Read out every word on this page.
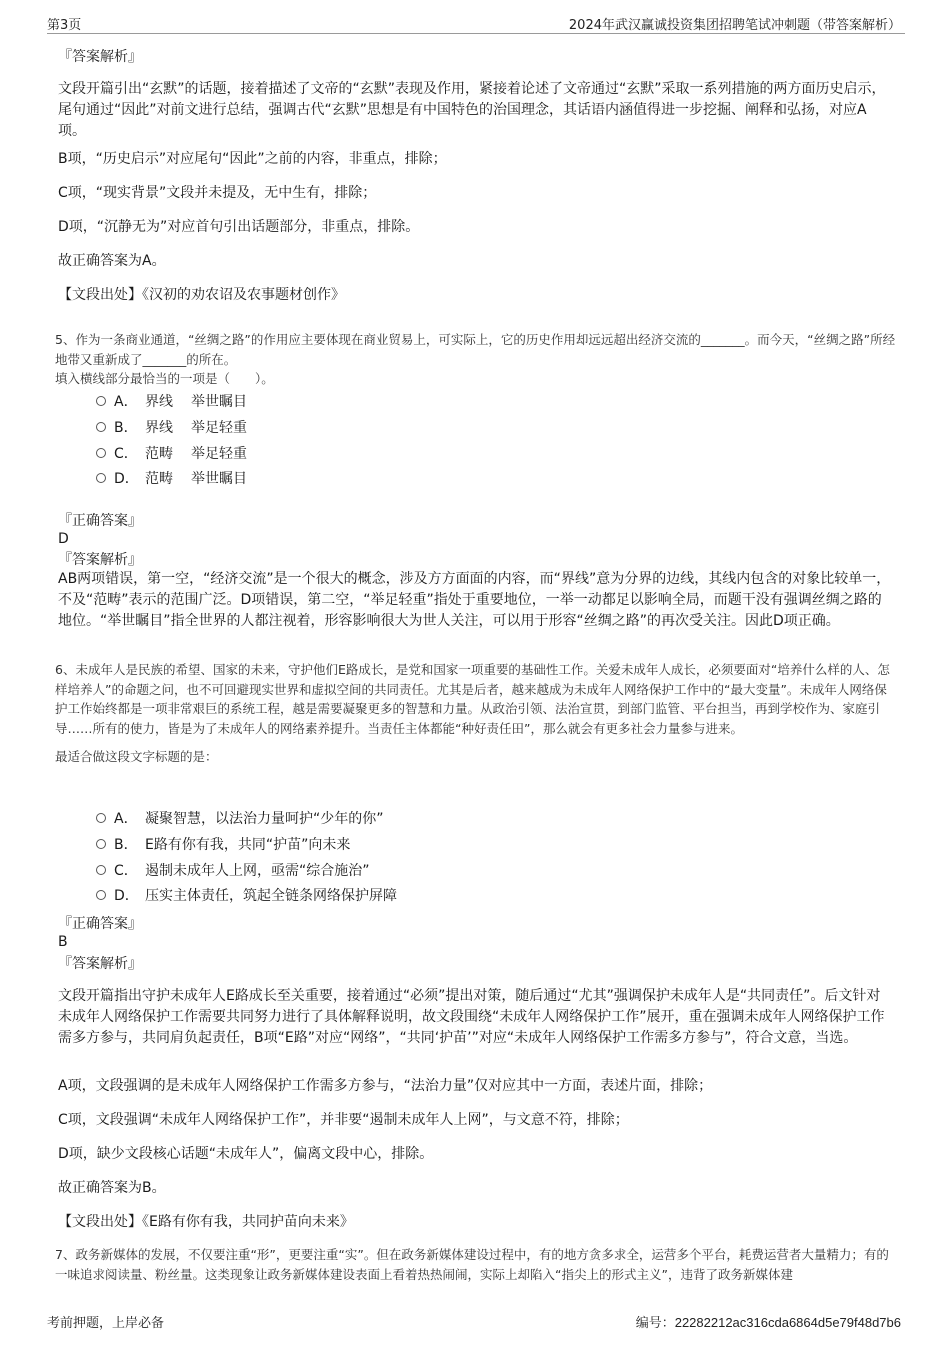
第3页	2024年武汉赢诚投资集团招聘笔试冲刺题（带答案解析）

『答案解析』

文段开篇引出“玄默”的话题，接着描述了文帝的“玄默”表现及作用，紧接着论述了文帝通过“玄默”采取一系列措施的两方面历史启示，尾句通过“因此”对前文进行总结，强调古代“玄默”思想是有中国特色的治国理念，其话语内涵值得进一步挖掘、阐释和弘扬，对应A项。

B项，“历史启示”对应尾句“因此”之前的内容，非重点，排除；

C项，“现实背景”文段并未提及，无中生有，排除；

D项，“沉静无为”对应首句引出话题部分，非重点，排除。

故正确答案为A。

【文段出处】《汉初的劝农诏及农事题材创作》

5、作为一条商业通道，“丝绸之路”的作用应主要体现在商业贸易上，可实际上，它的历史作用却远远超出经济交流的_______。而今天，“丝绸之路”所经地带又重新成了_______的所在。

填入横线部分最恰当的一项是（　　）。

A． 界线 举世瞩目
B． 界线 举足轻重
C． 范畴 举足轻重
D． 范畴 举世瞩目

『正确答案』

D

『答案解析』

AB两项错误，第一空，“经济交流”是一个很大的概念，涉及方方面面的内容，而“界线”意为分界的边线，其线内包含的对象比较单一，不及“范畴”表示的范围广泛。D项错误，第二空，“举足轻重”指处于重要地位，一举一动都足以影响全局，而题干没有强调丝绸之路的地位。“举世瞩目”指全世界的人都注视着，形容影响很大为世人关注，可以用于形容“丝绸之路”的再次受关注。因此D项正确。

6、未成年人是民族的希望、国家的未来，守护他们E路成长，是党和国家一项重要的基础性工作。关爱未成年人成长，必须要面对“培养什么样的人、怎样培养人”的命题之问，也不可回避现实世界和虚拟空间的共同责任。尤其是后者，越来越成为未成年人网络保护工作中的“最大变量”。未成年人网络保护工作始终都是一项非常艰巨的系统工程，越是需要凝聚更多的智慧和力量。从政治引领、法治宣贯，到部门监管、平台担当，再到学校作为、家庭引导……所有的使力，皆是为了未成年人的网络素养提升。当责任主体都能“种好责任田”，那么就会有更多社会力量参与进来。

最适合做这段文字标题的是：

A． 凝聚智慧，以法治力量呵护“少年的你”
B． E路有你有我，共同“护苗”向未来
C． 遏制未成年人上网，亟需“综合施治”
D． 压实主体责任，筑起全链条网络保护屏障

『正确答案』

B

『答案解析』

文段开篇指出守护未成年人E路成长至关重要，接着通过“必须”提出对策，随后通过“尤其”强调保护未成年人是“共同责任”。后文针对未成年人网络保护工作需要共同努力进行了具体解释说明，故文段围绕“未成年人网络保护工作”展开，重在强调未成年人网络保护工作需多方参与，共同肩负起责任，B项“E路”对应“网络”，“共同‘护苗’”对应“未成年人网络保护工作需多方参与”，符合文意，当选。

A项，文段强调的是未成年人网络保护工作需多方参与，“法治力量”仅对应其中一方面，表述片面，排除；

C项，文段强调“未成年人网络保护工作”，并非要“遏制未成年人上网”，与文意不符，排除；

D项，缺少文段核心话题“未成年人”，偏离文段中心，排除。

故正确答案为B。

【文段出处】《E路有你有我，共同护苗向未来》

7、政务新媒体的发展，不仅要注重“形”，更要注重“实”。但在政务新媒体建设过程中，有的地方贪多求全，运营多个平台，耗费运营者大量精力；有的一味追求阅读量、粉丝量。这类现象让政务新媒体建设表面上看着热热闹闹，实际上却陷入“指尖上的形式主义”，违背了政务新媒体建

考前押题，上岸必备	编号：22282212ac316cda6864d5e79f48d7b6
